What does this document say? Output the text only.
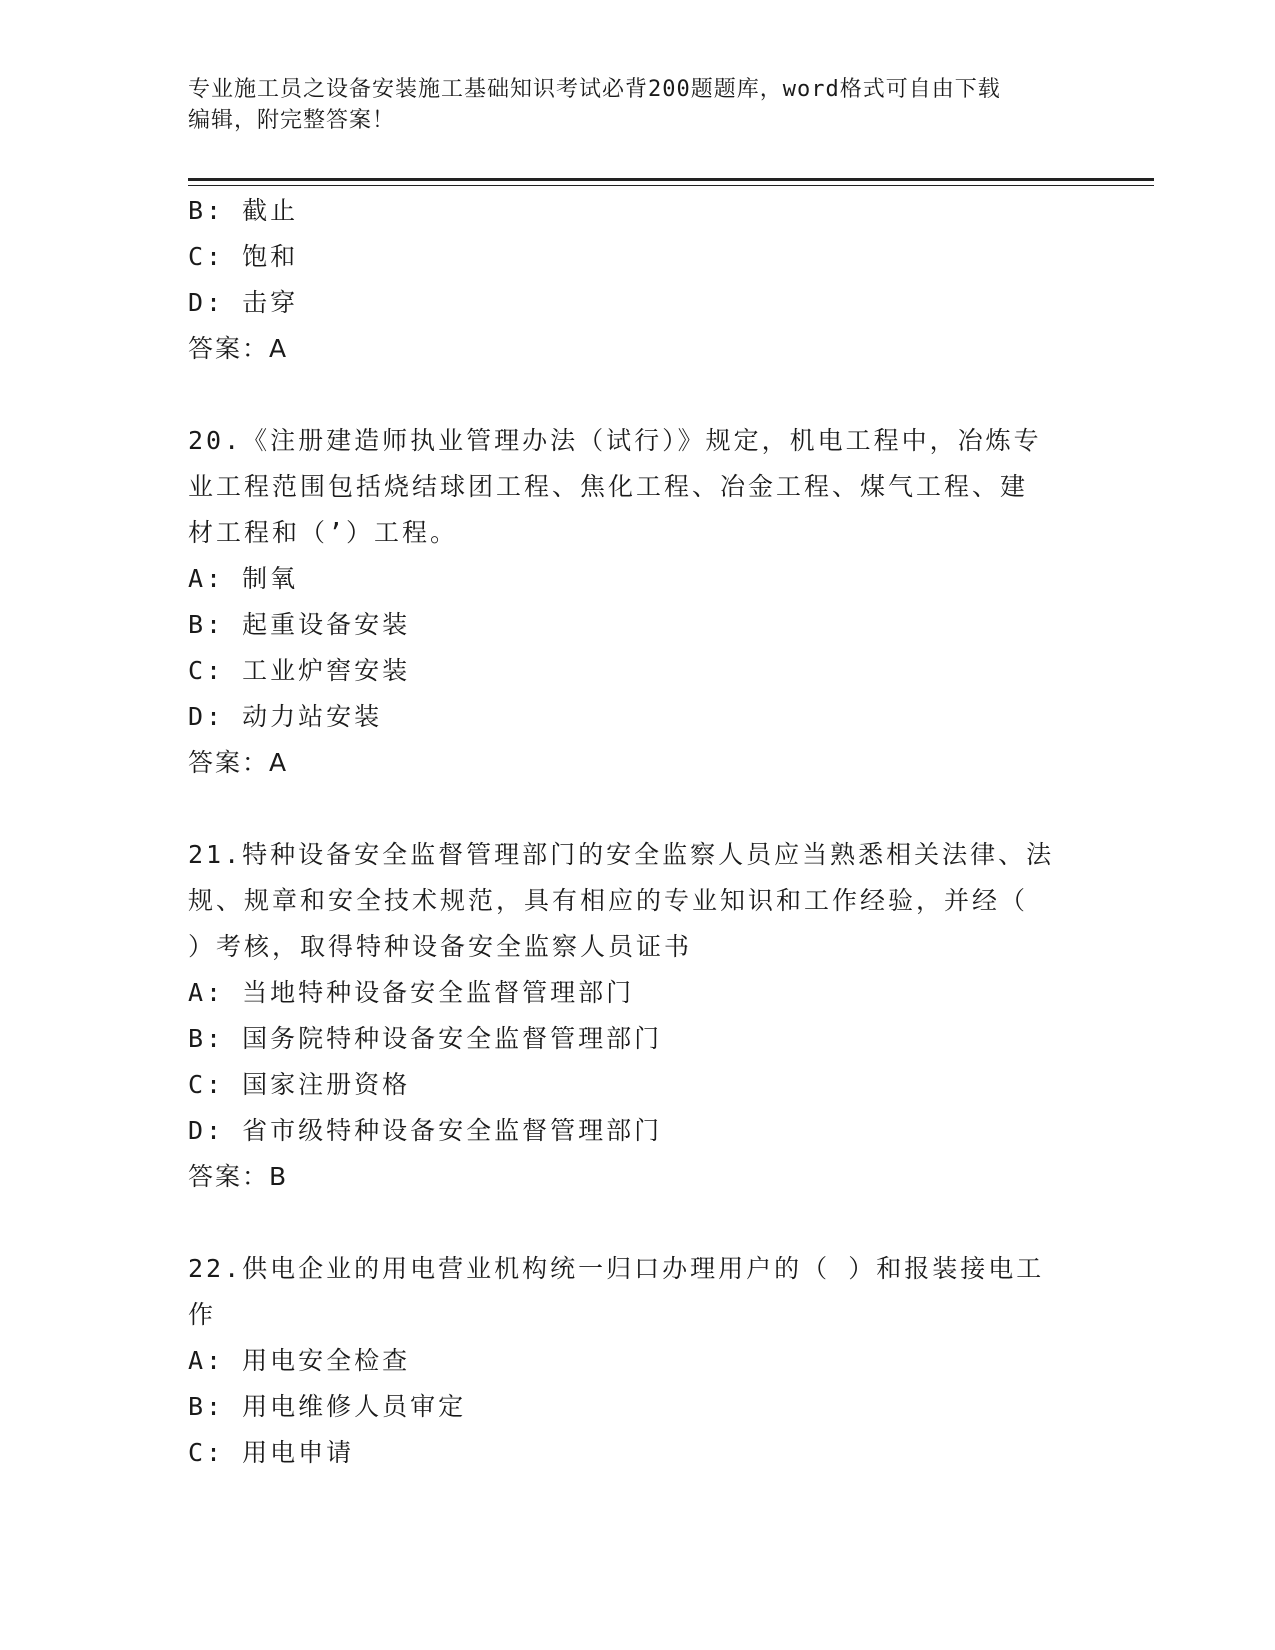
专业施工员之设备安装施工基础知识考试必背200题题库，word格式可自由下载
编辑，附完整答案！
B: 截止
C: 饱和
D: 击穿
答案：A
20.《注册建造师执业管理办法（试行）》规定，机电工程中，冶炼专
业工程范围包括烧结球团工程、焦化工程、冶金工程、煤气工程、建
材工程和（’）工程。
A: 制氧
B: 起重设备安装
C: 工业炉窖安装
D: 动力站安装
答案：A
21.特种设备安全监督管理部门的安全监察人员应当熟悉相关法律、法
规、规章和安全技术规范，具有相应的专业知识和工作经验，并经（
）考核，取得特种设备安全监察人员证书
A: 当地特种设备安全监督管理部门
B: 国务院特种设备安全监督管理部门
C: 国家注册资格
D: 省市级特种设备安全监督管理部门
答案：B
22.供电企业的用电营业机构统一归口办理用户的（ ）和报装接电工
作
A: 用电安全检查
B: 用电维修人员审定
C: 用电申请
